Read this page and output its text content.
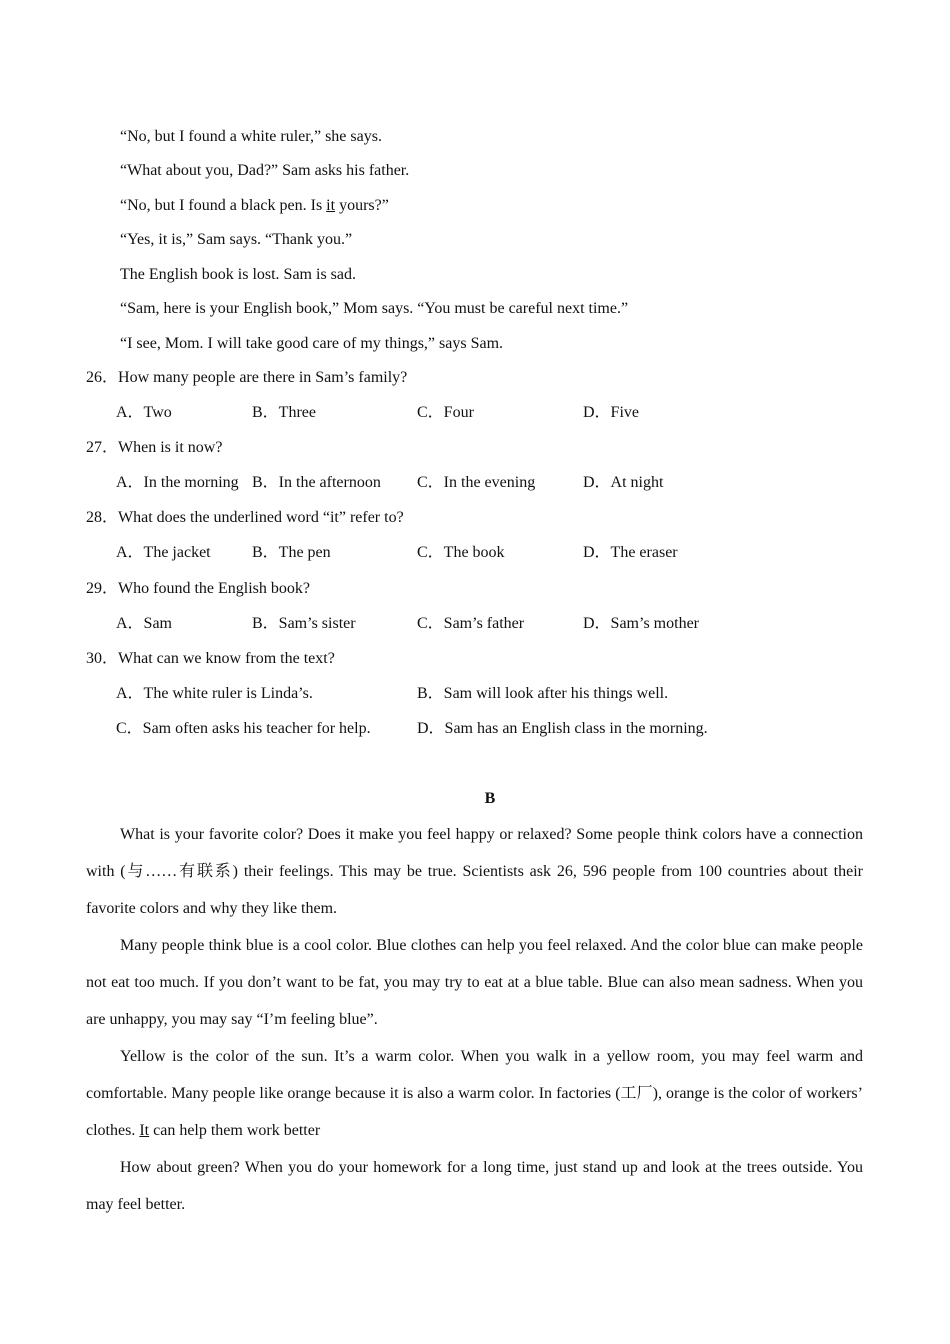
“No, but I found a white ruler,” she says.
“What about you, Dad?” Sam asks his father.
“No, but I found a black pen. Is it yours?”
“Yes, it is,” Sam says. “Thank you.”
The English book is lost. Sam is sad.
“Sam, here is your English book,” Mom says. “You must be careful next time.”
“I see, Mom. I will take good care of my things,” says Sam.
26．How many people are there in Sam’s family?
A．Two	B．Three	C．Four	D．Five
27．When is it now?
A．In the morning B．In the afternoon C．In the evening	D．At night
28．What does the underlined word “it” refer to?
A．The jacket	B．The pen	C．The book	D．The eraser
29．Who found the English book?
A．Sam	B．Sam’s sister	C．Sam’s father	D．Sam’s mother
30．What can we know from the text?
A．The white ruler is Linda’s.	B．Sam will look after his things well.
C．Sam often asks his teacher for help.	D．Sam has an English class in the morning.
B

What is your favorite color? Does it make you feel happy or relaxed? Some people think colors have a connection with (与……有联系) their feelings. This may be true. Scientists ask 26, 596 people from 100 countries about their favorite colors and why they like them.

Many people think blue is a cool color. Blue clothes can help you feel relaxed. And the color blue can make people not eat too much. If you don’t want to be fat, you may try to eat at a blue table. Blue can also mean sadness. When you are unhappy, you may say “I’m feeling blue”.

Yellow is the color of the sun. It’s a warm color. When you walk in a yellow room, you may feel warm and comfortable. Many people like orange because it is also a warm color. In factories (工厂), orange is the color of workers’ clothes. It can help them work better

How about green? When you do your homework for a long time, just stand up and look at the trees outside. You may feel better.
